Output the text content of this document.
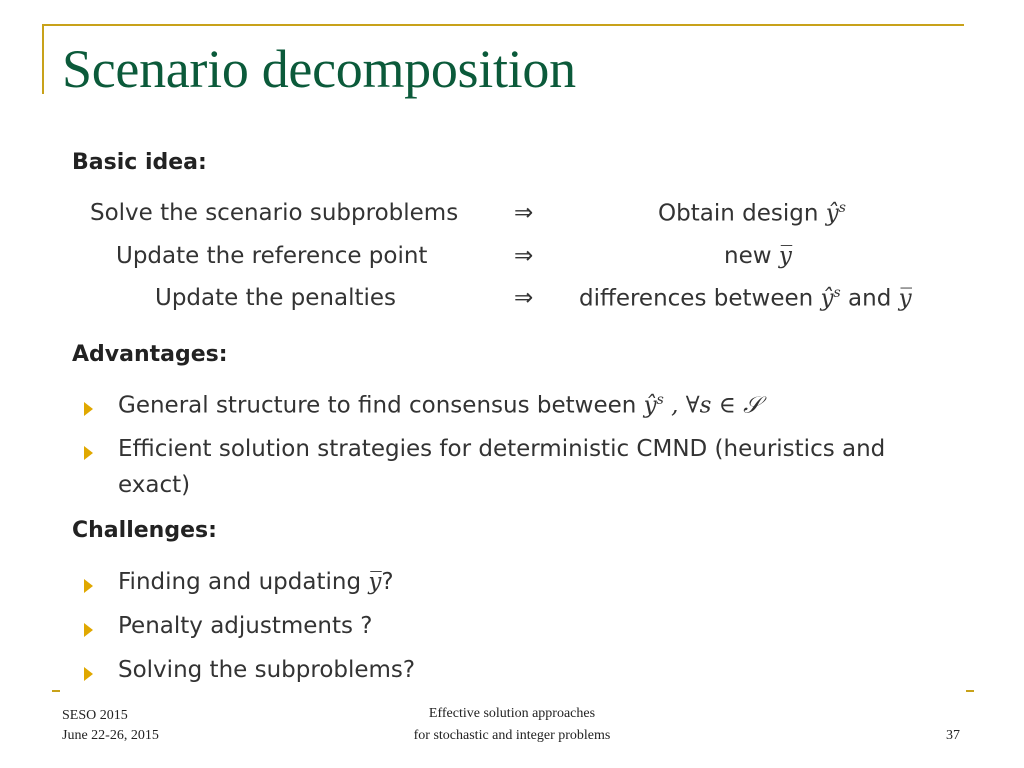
Scenario decomposition
Basic idea:
Solve the scenario subproblems ⇒	Obtain design $ŷ^s$
Update the reference point	⇒	new y̅
Update the penalties	⇒ differences between $ŷ^s$ and y̅
Advantages:
General structure to find consensus between $ŷ^s$ , ∀s ∈ 𝒮
Efficient solution strategies for deterministic CMND (heuristics and
exact)
Challenges:
Finding and updating y̅?
Penalty adjustments ?
Solving the subproblems?
SESO 2015
June 22-26, 2015
Effective solution approaches
for stochastic and integer problems	37
